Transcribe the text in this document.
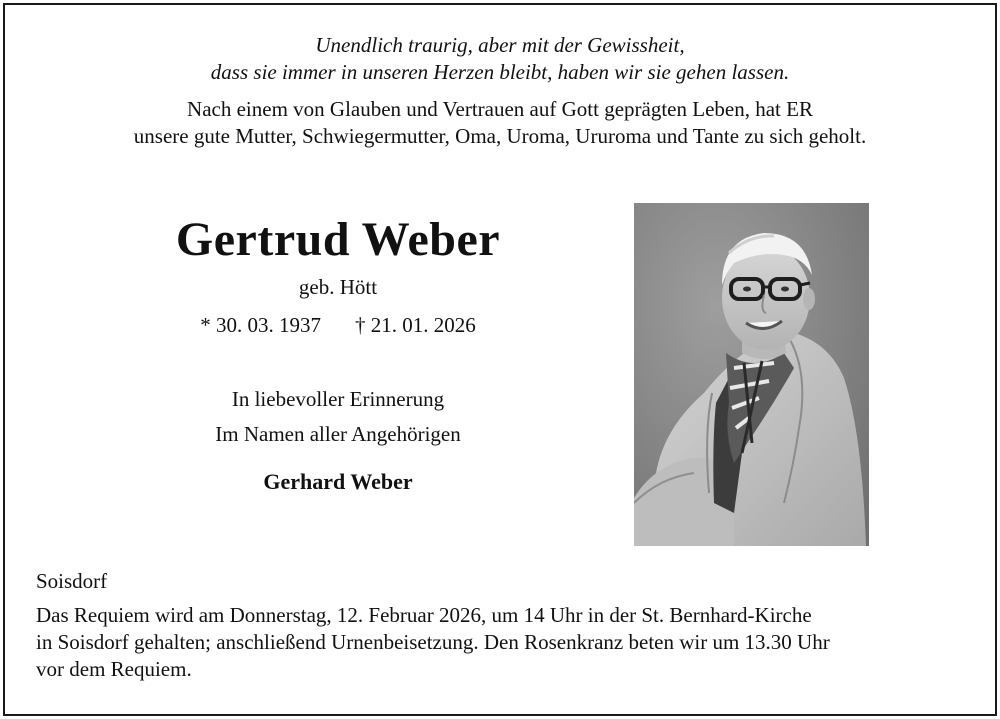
Unendlich traurig, aber mit der Gewissheit,
dass sie immer in unseren Herzen bleibt, haben wir sie gehen lassen.
Nach einem von Glauben und Vertrauen auf Gott geprägten Leben, hat ER
unsere gute Mutter, Schwiegermutter, Oma, Uroma, Ururoma und Tante zu sich geholt.
Gertrud Weber
geb. Hött
* 30. 03. 1937 † 21. 01. 2026
In liebevoller Erinnerung
Im Namen aller Angehörigen
Gerhard Weber
Soisdorf
Das Requiem wird am Donnerstag, 12. Februar 2026, um 14 Uhr in der St. Bernhard-Kirche
in Soisdorf gehalten; anschließend Urnenbeisetzung. Den Rosenkranz beten wir um 13.30 Uhr
vor dem Requiem.
